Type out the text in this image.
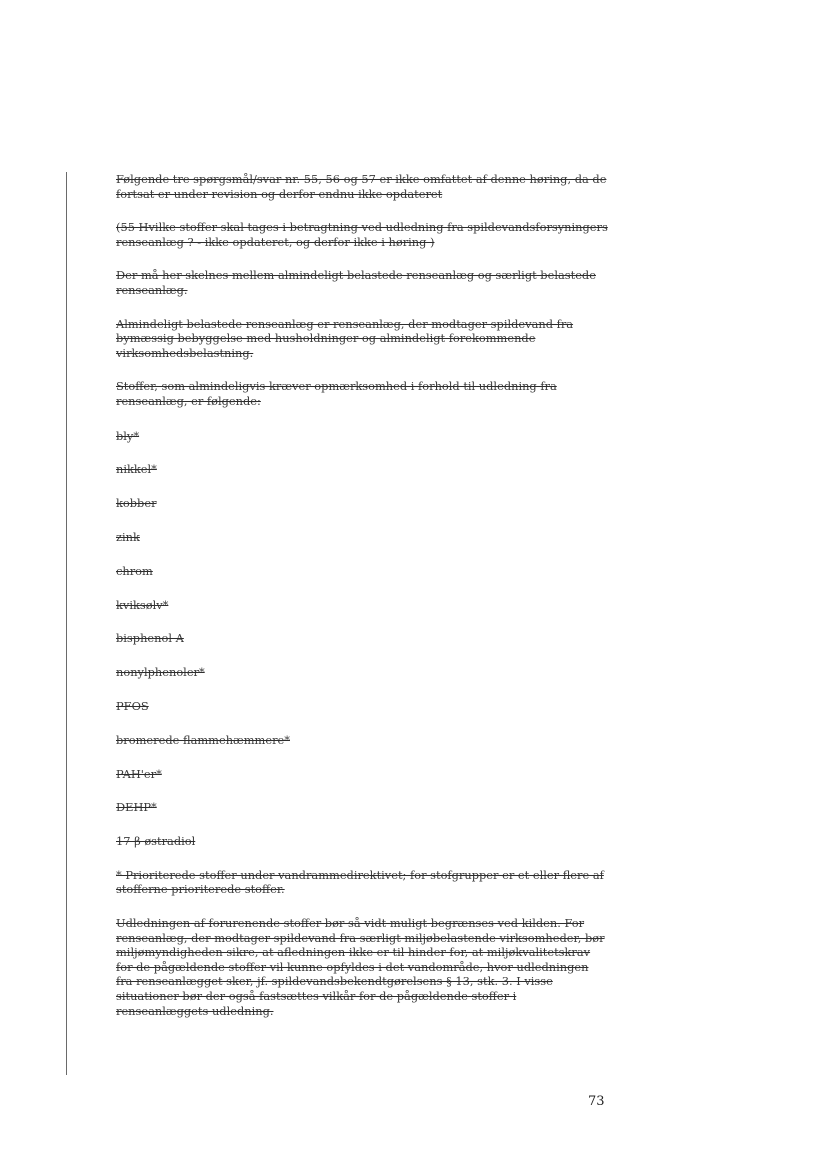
Følgende tre spørgsmål/svar nr. 55, 56 og 57 er ikke omfattet af denne høring, da de fortsat er under revision og derfor endnu ikke opdateret

(55 Hvilke stoffer skal tages i betragtning ved udledning fra spildevandsforsyningers renseanlæg ? - ikke opdateret, og derfor ikke i høring )

Der må her skelnes mellem almindeligt belastede renseanlæg og særligt belastede renseanlæg.

Almindeligt belastede renseanlæg er renseanlæg, der modtager spildevand fra bymæssig bebyggelse med husholdninger og almindeligt forekommende virksomhedsbelastning.

Stoffer, som almindeligvis kræver opmærksomhed i forhold til udledning fra renseanlæg, er følgende:

bly*

nikkel*

kobber

zink

chrom

kviksølv*

bisphenol A

nonylphenoler*

PFOS

bromerede flammehæmmere*

PAH'er*

DEHP*

17 β østradiol

* Prioriterede stoffer under vandrammedirektivet; for stofgrupper er et eller flere af stofferne prioriterede stoffer.

Udledningen af forurenende stoffer bør så vidt muligt begrænses ved kilden. For renseanlæg, der modtager spildevand fra særligt miljøbelastende virksomheder, bør miljømyndigheden sikre, at afledningen ikke er til hinder for, at miljøkvalitetskrav for de pågældende stoffer vil kunne opfyldes i det vandområde, hvor udledningen fra renseanlægget sker, jf. spildevandsbekendtgørelsens § 13, stk. 3. I visse situationer bør der også fastsættes vilkår for de pågældende stoffer i renseanlæggets udledning.

73
